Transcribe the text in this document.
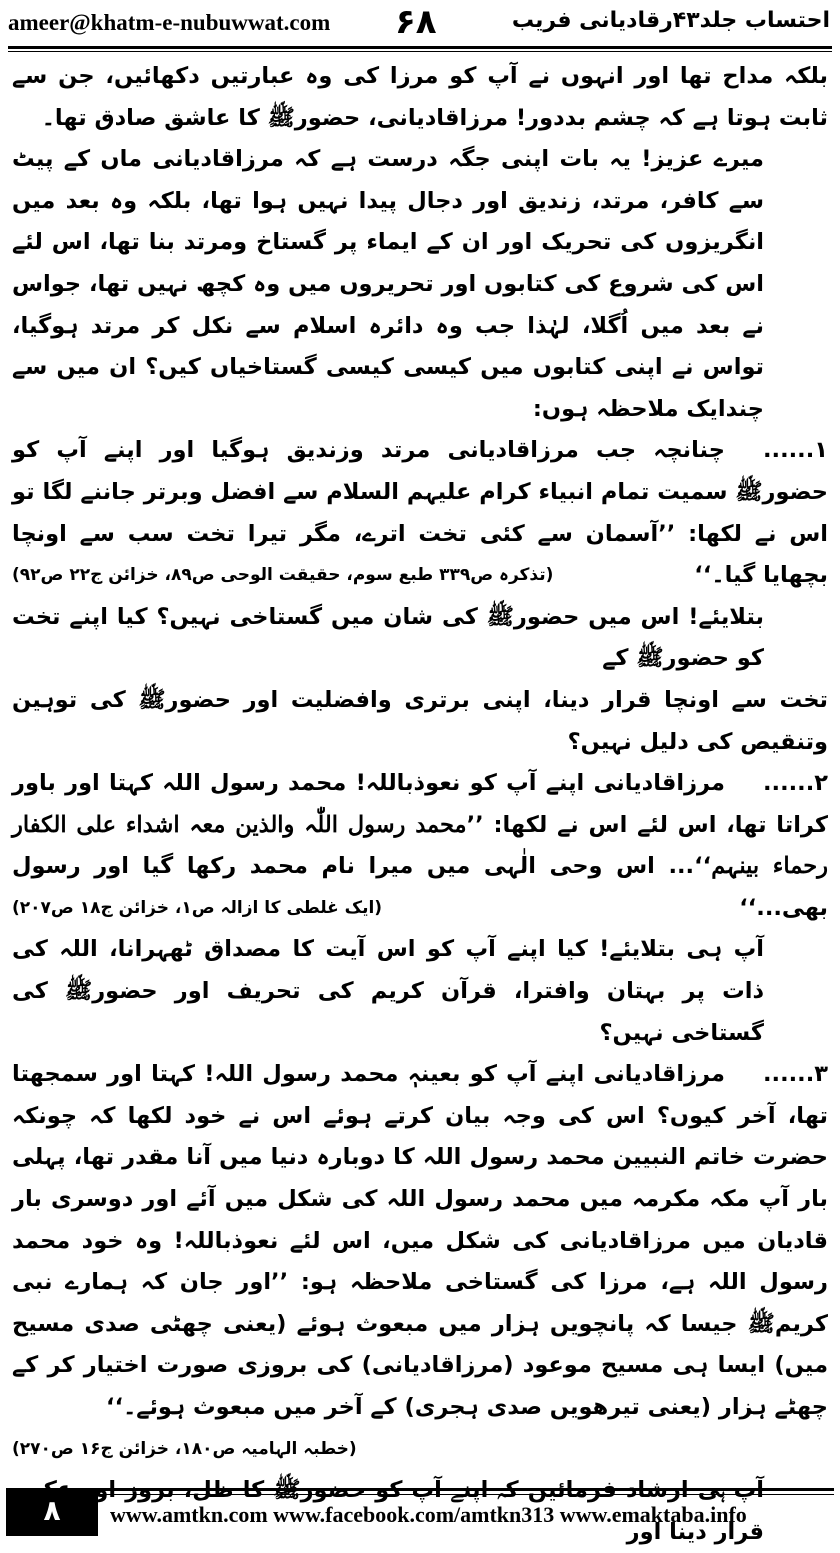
ameer@khatm-e-nubuwwat.com ۶۸	احتساب جلد۴۳رقادیانی فریب

بلکہ مداح تھا اور انہوں نے آپ کو مرزا کی وہ عبارتیں دکھائیں، جن سے ثابت ہوتا ہے کہ چشم بددور! مرزاقادیانی، حضورﷺ کا عاشق صادق تھا۔

میرے عزیز! یہ بات اپنی جگہ درست ہے کہ مرزاقادیانی ماں کے پیٹ سے کافر، مرتد، زندیق اور دجال پیدا نہیں ہوا تھا، بلکہ وہ بعد میں انگریزوں کی تحریک اور ان کے ایماء پر گستاخ ومرتد بنا تھا، اس لئے اس کی شروع کی کتابوں اور تحریروں میں وہ کچھ نہیں تھا، جواس نے بعد میں اُگلا، لہٰذا جب وہ دائرہ اسلام سے نکل کر مرتد ہوگیا، تواس نے اپنی کتابوں میں کیسی کیسی گستاخیاں کیں؟ ان میں سے چندایک ملاحظہ ہوں:

۱......چنانچہ جب مرزاقادیانی مرتد وزندیق ہوگیا اور اپنے آپ کو حضورﷺ سمیت تمام انبیاء کرام علیہم السلام سے افضل وبرتر جاننے لگا تو اس نے لکھا: ’’آسمان سے کئی تخت اترے، مگر تیرا تخت سب سے اونچا بچھایا گیا۔‘‘
(تذکرہ ص۳۳۹ طبع سوم، حقیقت الوحی ص۸۹، خزائن ج۲۲ ص۹۲)

بتلایئے! اس میں حضورﷺ کی شان میں گستاخی نہیں؟ کیا اپنے تخت کو حضورﷺ کے

تخت سے اونچا قرار دینا، اپنی برتری وافضلیت اور حضورﷺ کی توہین وتنقیص کی دلیل نہیں؟

۲......مرزاقادیانی اپنے آپ کو نعوذباللہ! محمد رسول اللہ کہتا اور باور کراتا تھا، اس لئے اس نے لکھا: ’’محمد رسول اللّٰہ والذین معہ اشداء علی الکفار رحماء بینہم‘‘... اس وحی الٰہی میں میرا نام محمد رکھا گیا اور رسول بھی...‘‘
(ایک غلطی کا ازالہ ص۱، خزائن ج۱۸ ص۲۰۷)

آپ ہی بتلایئے! کیا اپنے آپ کو اس آیت کا مصداق ٹھہرانا، اللہ کی ذات پر بہتان وافترا، قرآن کریم کی تحریف اور حضورﷺ کی گستاخی نہیں؟

۳......مرزاقادیانی اپنے آپ کو بعینہٖ محمد رسول اللہ! کہتا اور سمجھتا تھا، آخر کیوں؟ اس کی وجہ بیان کرتے ہوئے اس نے خود لکھا کہ چونکہ حضرت خاتم النبیین محمد رسول اللہ کا دوبارہ دنیا میں آنا مقدر تھا، پہلی بار آپ مکہ مکرمہ میں محمد رسول اللہ کی شکل میں آئے اور دوسری بار قادیان میں مرزاقادیانی کی شکل میں، اس لئے نعوذباللہ! وہ خود محمد رسول اللہ ہے، مرزا کی گستاخی ملاحظہ ہو: ’’اور جان کہ ہمارے نبی کریمﷺ جیسا کہ پانچویں ہزار میں مبعوث ہوئے (یعنی چھٹی صدی مسیح میں) ایسا ہی مسیح موعود (مرزاقادیانی) کی بروزی صورت اختیار کر کے چھٹے ہزار (یعنی تیرھویں صدی ہجری) کے آخر میں مبعوث ہوئے۔‘‘
(خطبہ الہامیہ ص۱۸۰، خزائن ج۱۶ ص۲۷۰)

قرار دینا اور

۸	www.amtkn.com www.facebook.com/amtkn313 www.emaktaba.info
